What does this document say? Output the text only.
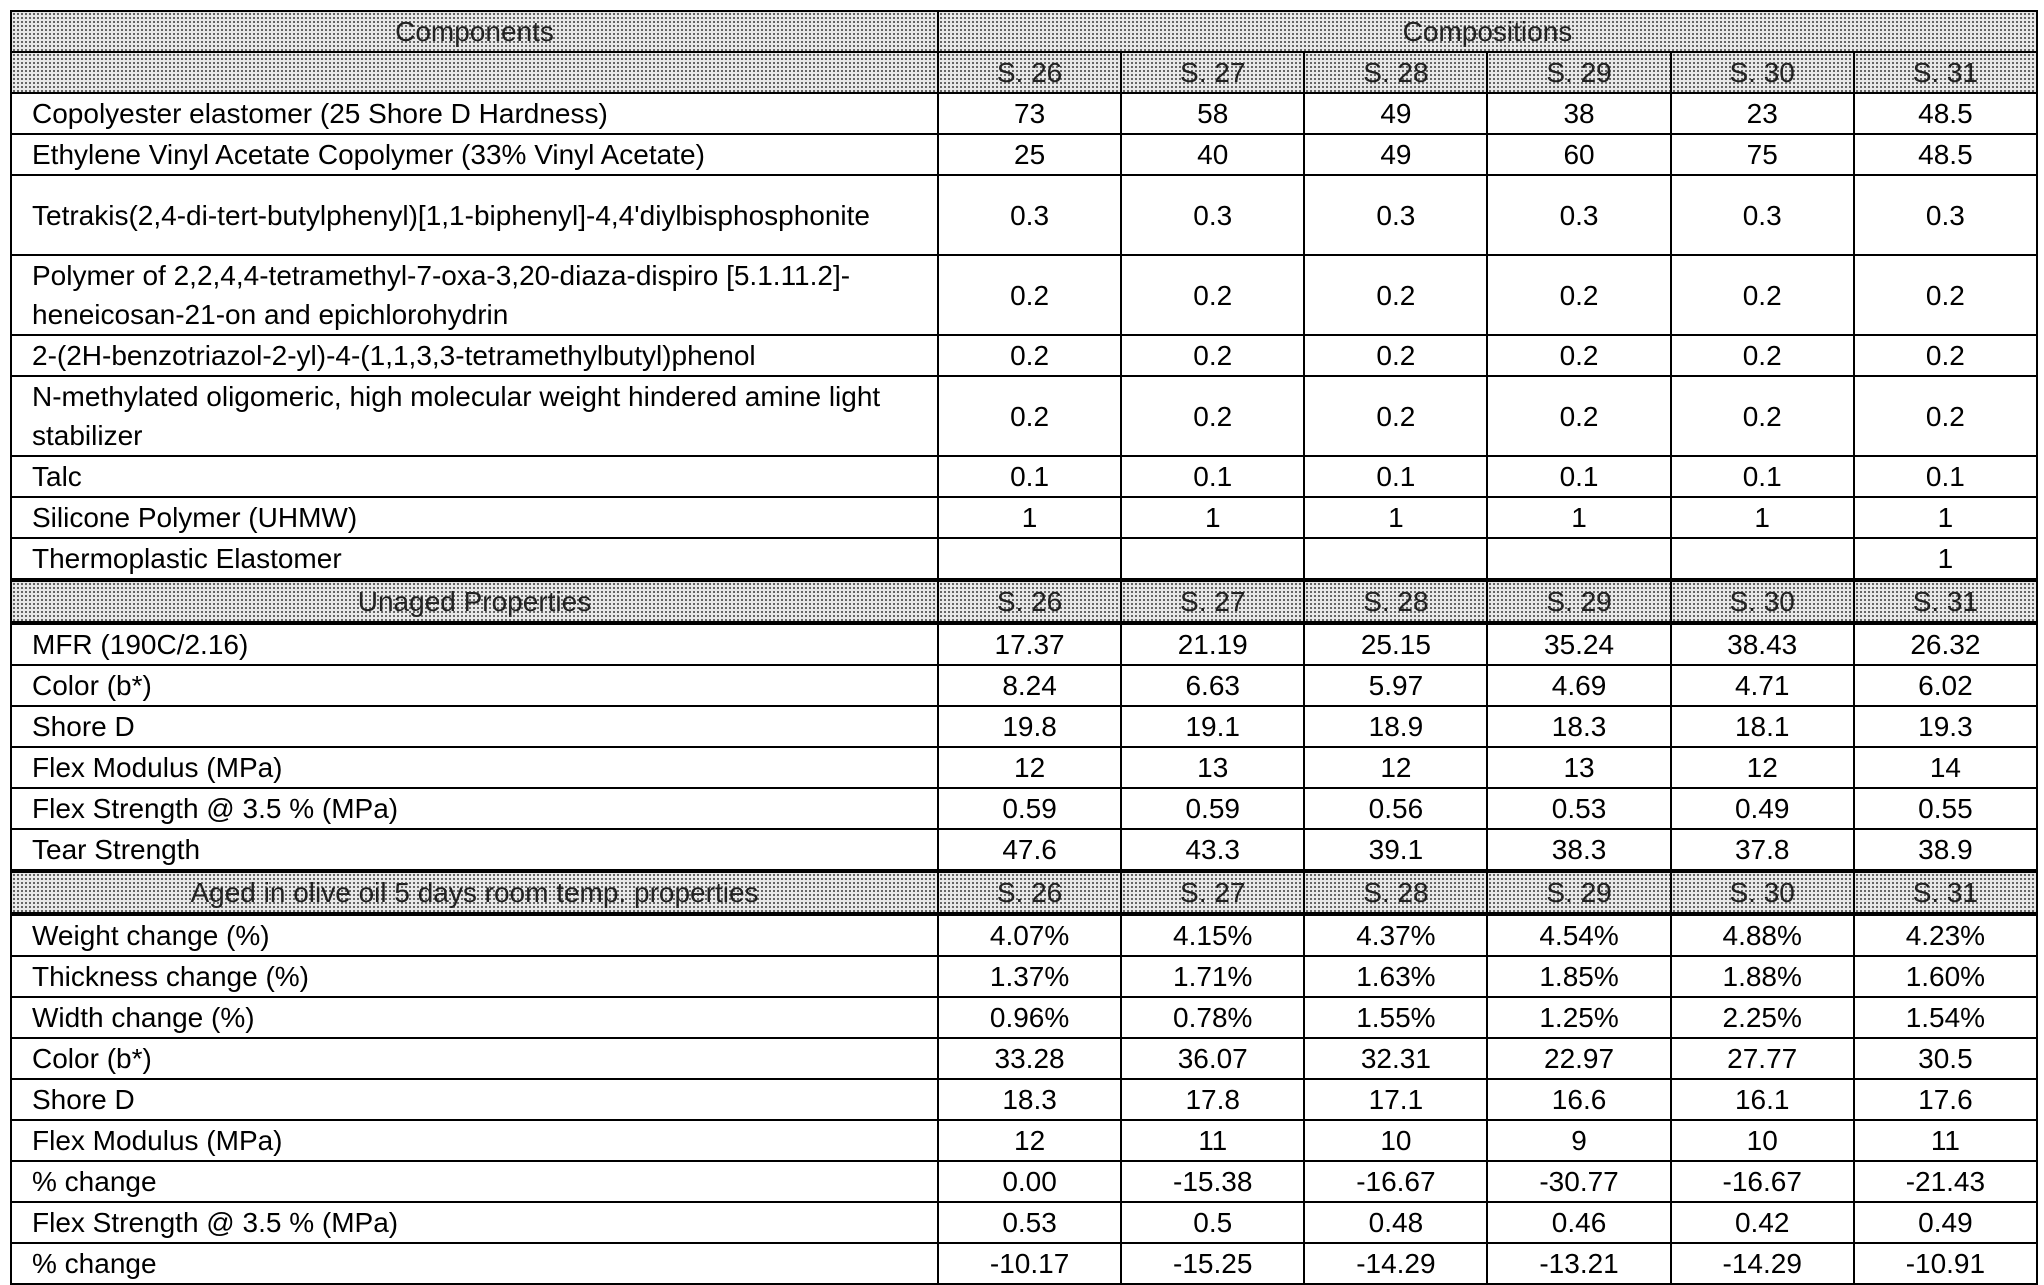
Components	Compositions
	S. 26	S. 27	S. 28	S. 29	S. 30	S. 31
Copolyester elastomer (25 Shore D Hardness)	73	58	49	38	23	48.5
Ethylene Vinyl Acetate Copolymer (33% Vinyl Acetate)	25	40	49	60	75	48.5
Tetrakis(2,4-di-tert-butylphenyl)[1,1-biphenyl]-4,4'diylbisphosphonite	0.3	0.3	0.3	0.3	0.3	0.3
Polymer of 2,2,4,4-tetramethyl-7-oxa-3,20-diaza-dispiro [5.1.11.2]-heneicosan-21-on and epichlorohydrin	0.2	0.2	0.2	0.2	0.2	0.2
2-(2H-benzotriazol-2-yl)-4-(1,1,3,3-tetramethylbutyl)phenol	0.2	0.2	0.2	0.2	0.2	0.2
N-methylated oligomeric, high molecular weight hindered amine light stabilizer	0.2	0.2	0.2	0.2	0.2	0.2
Talc	0.1	0.1	0.1	0.1	0.1	0.1
Silicone Polymer (UHMW)	1	1	1	1	1	1
Thermoplastic Elastomer						1
Unaged Properties	S. 26	S. 27	S. 28	S. 29	S. 30	S. 31
MFR (190C/2.16)	17.37	21.19	25.15	35.24	38.43	26.32
Color (b*)	8.24	6.63	5.97	4.69	4.71	6.02
Shore D	19.8	19.1	18.9	18.3	18.1	19.3
Flex Modulus (MPa)	12	13	12	13	12	14
Flex Strength @ 3.5 % (MPa)	0.59	0.59	0.56	0.53	0.49	0.55
Tear Strength	47.6	43.3	39.1	38.3	37.8	38.9
Aged in olive oil 5 days room temp. properties	S. 26	S. 27	S. 28	S. 29	S. 30	S. 31
Weight change (%)	4.07%	4.15%	4.37%	4.54%	4.88%	4.23%
Thickness change (%)	1.37%	1.71%	1.63%	1.85%	1.88%	1.60%
Width change (%)	0.96%	0.78%	1.55%	1.25%	2.25%	1.54%
Color (b*)	33.28	36.07	32.31	22.97	27.77	30.5
Shore D	18.3	17.8	17.1	16.6	16.1	17.6
Flex Modulus (MPa)	12	11	10	9	10	11
% change	0.00	-15.38	-16.67	-30.77	-16.67	-21.43
Flex Strength @ 3.5 % (MPa)	0.53	0.5	0.48	0.46	0.42	0.49
% change	-10.17	-15.25	-14.29	-13.21	-14.29	-10.91
